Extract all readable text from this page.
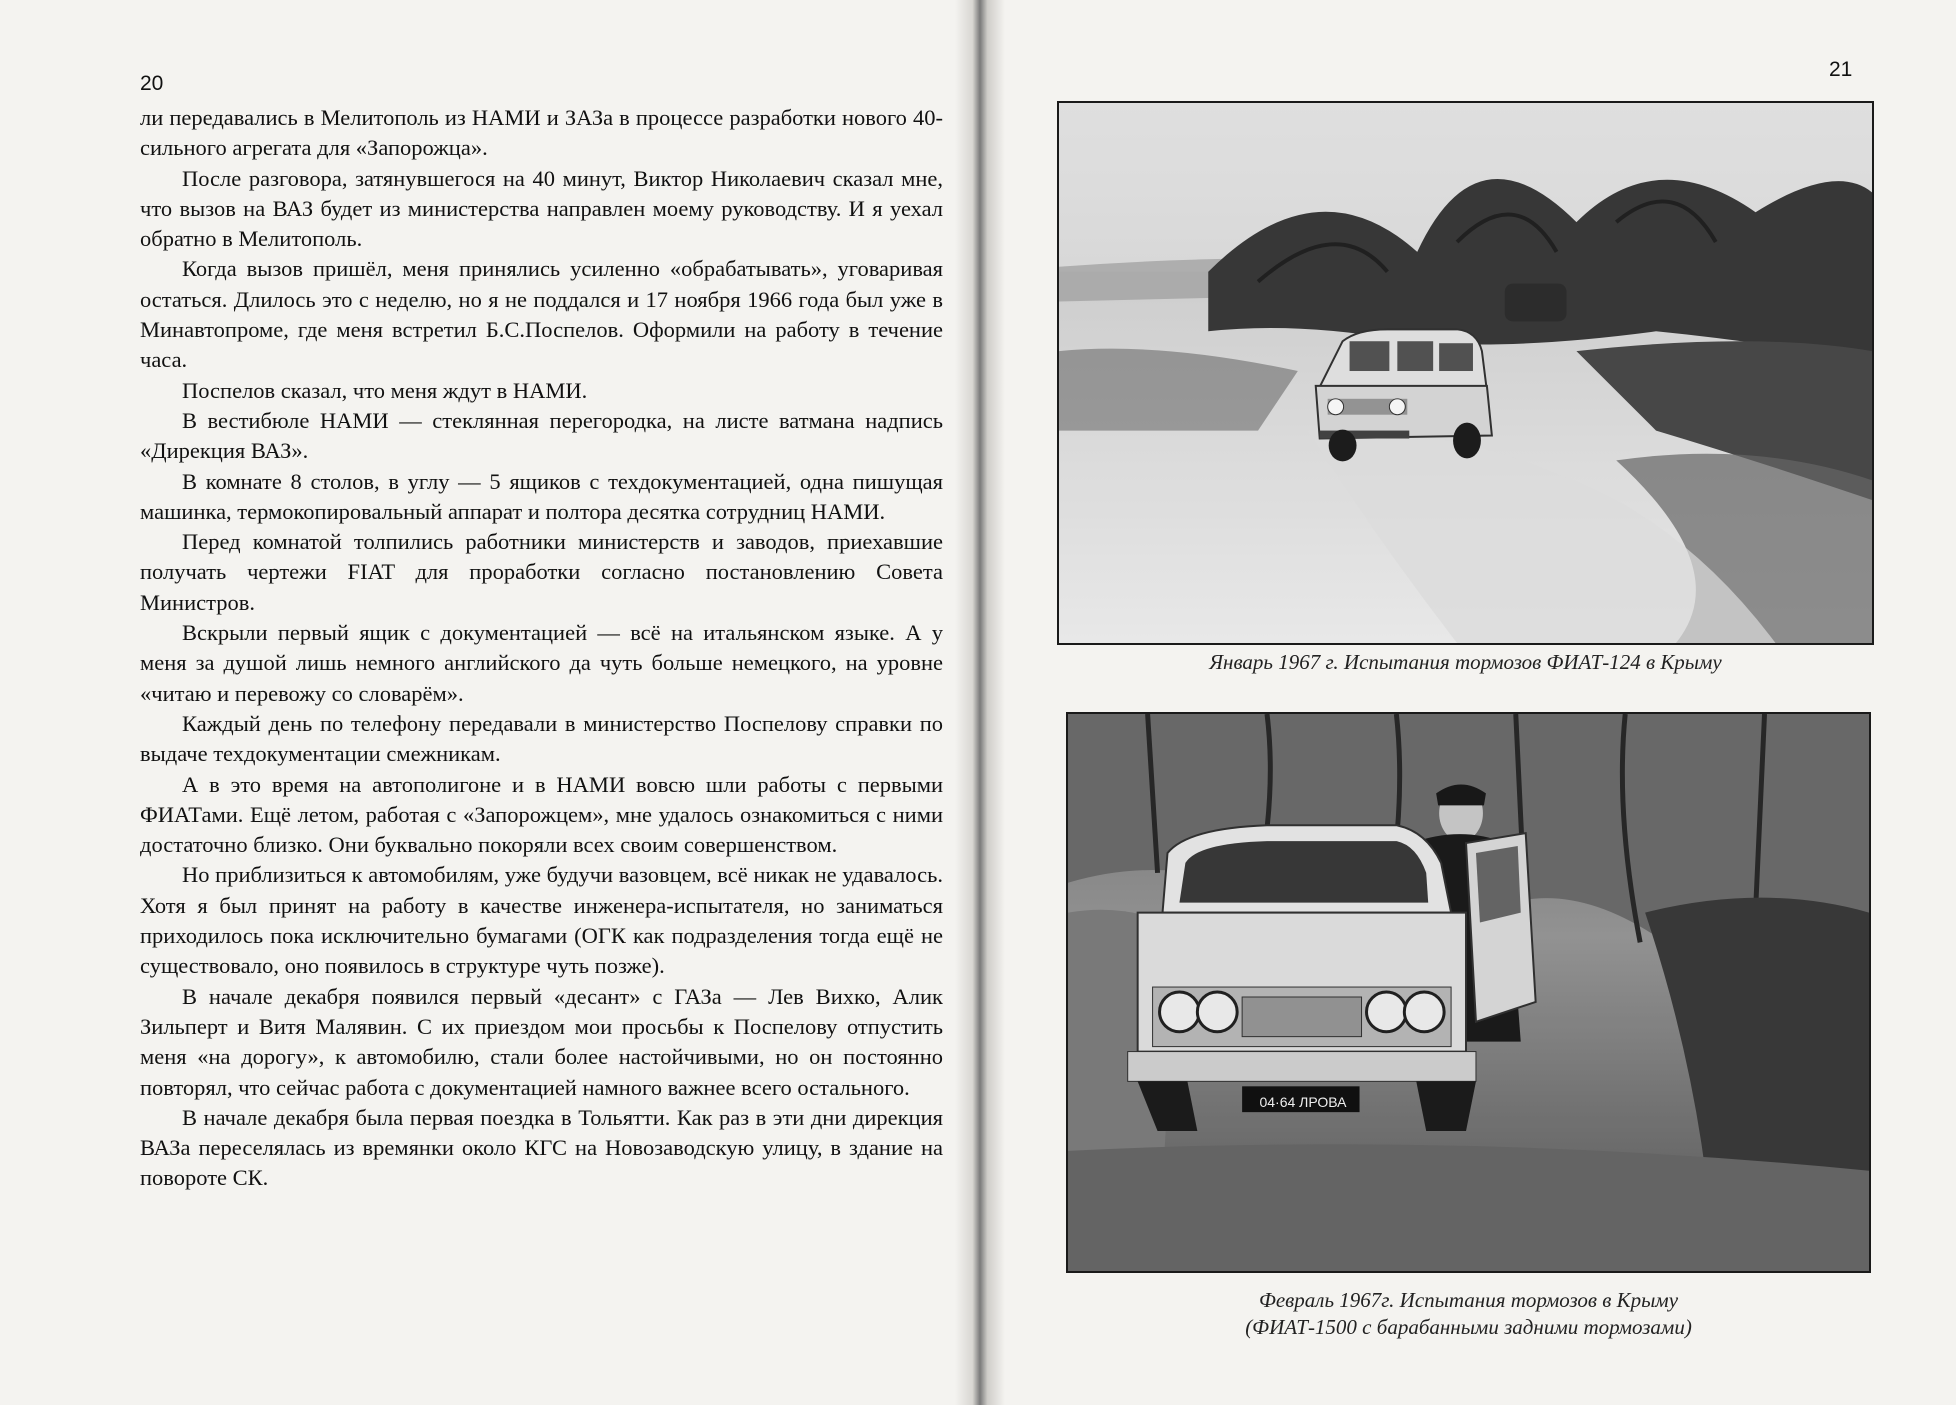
20
21

ли передавались в Мелитополь из НАМИ и ЗАЗа в процессе разработки нового 40-сильного агрегата для «Запорожца».

После разговора, затянувшегося на 40 минут, Виктор Николаевич сказал мне, что вызов на ВАЗ будет из министерства направлен моему руководству. И я уехал обратно в Мелитополь.

Когда вызов пришёл, меня принялись усиленно «обрабатывать», уговаривая остаться. Длилось это с неделю, но я не поддался и 17 ноября 1966 года был уже в Минавтопроме, где меня встретил Б.С.Поспелов. Оформили на работу в течение часа.

Поспелов сказал, что меня ждут в НАМИ.

В вестибюле НАМИ — стеклянная перегородка, на листе ватмана надпись «Дирекция ВАЗ».

В комнате 8 столов, в углу — 5 ящиков с техдокументацией, одна пишущая машинка, термокопировальный аппарат и полтора десятка сотрудниц НАМИ.

Перед комнатой толпились работники министерств и заводов, приехавшие получать чертежи FIAT для проработки согласно постановлению Совета Министров.

Вскрыли первый ящик с документацией — всё на итальянском языке. А у меня за душой лишь немного английского да чуть больше немецкого, на уровне «читаю и перевожу со словарём».

Каждый день по телефону передавали в министерство Поспелову справки по выдаче техдокументации смежникам.

А в это время на автополигоне и в НАМИ вовсю шли работы с первыми ФИАТами. Ещё летом, работая с «Запорожцем», мне удалось ознакомиться с ними достаточно близко. Они буквально покоряли всех своим совершенством.

Но приблизиться к автомобилям, уже будучи вазовцем, всё никак не удавалось. Хотя я был принят на работу в качестве инженера-испытателя, но заниматься приходилось пока исключительно бумагами (ОГК как подразделения тогда ещё не существовало, оно появилось в структуре чуть позже).

В начале декабря появился первый «десант» с ГАЗа — Лев Вихко, Алик Зильперт и Витя Малявин. С их приездом мои просьбы к Поспелову отпустить меня «на дорогу», к автомобилю, стали более настойчивыми, но он постоянно повторял, что сейчас работа с документацией намного важнее всего остального.

В начале декабря была первая поездка в Тольятти. Как раз в эти дни дирекция ВАЗа переселялась из времянки около КГС на Новозаводскую улицу, в здание на повороте СК.

Январь 1967 г. Испытания тормозов ФИАТ-124 в Крыму
04·64 ЛРОВА
Февраль 1967г. Испытания тормозов в Крыму
(ФИАТ-1500 с барабанными задними тормозами)
